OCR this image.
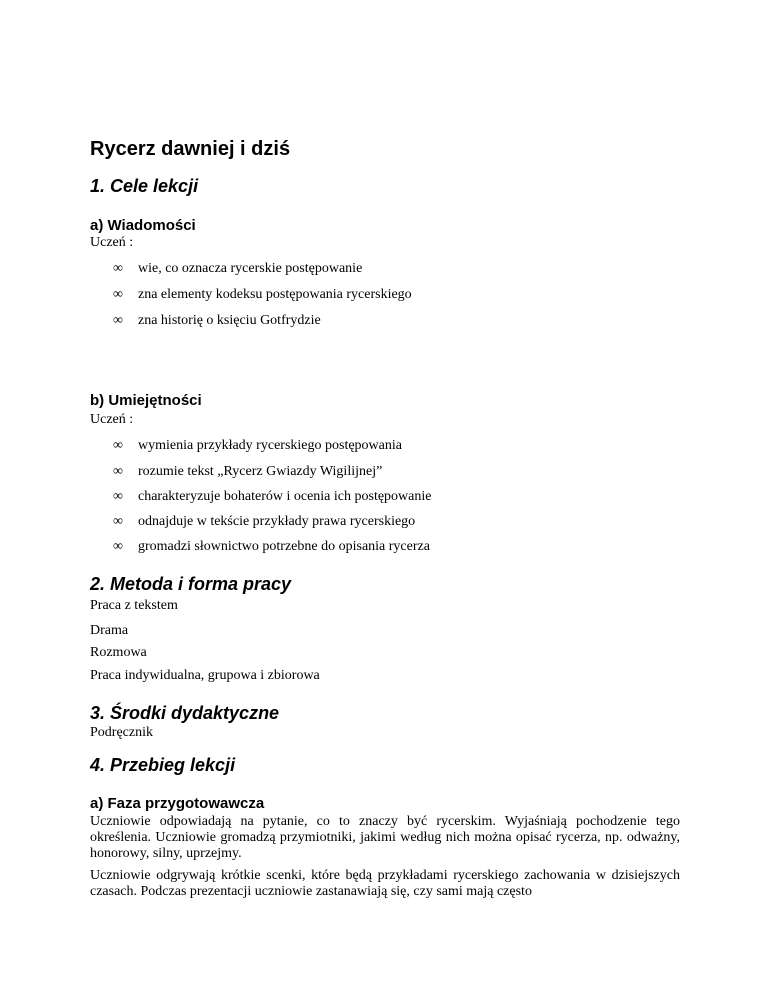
Rycerz dawniej i dziś
1. Cele lekcji
a) Wiadomości

Uczeń :

∞	wie, co oznacza rycerskie postępowanie
∞	zna elementy kodeksu postępowania rycerskiego
∞	zna historię o księciu Gotfrydzie
b) Umiejętności

Uczeń :

∞	wymienia przykłady rycerskiego postępowania
∞	rozumie tekst „Rycerz Gwiazdy Wigilijnej”
∞	charakteryzuje bohaterów i ocenia ich postępowanie
∞	odnajduje w tekście przykłady prawa rycerskiego
∞	gromadzi słownictwo potrzebne do opisania rycerza
2. Metoda i forma pracy

Praca z tekstem

Drama

Rozmowa

Praca indywidualna, grupowa i zbiorowa

3. Środki dydaktyczne

Podręcznik

4. Przebieg lekcji
a) Faza przygotowawcza

Uczniowie odpowiadają na pytanie, co to znaczy być rycerskim. Wyjaśniają pochodzenie tego określenia. Uczniowie gromadzą przymiotniki, jakimi według nich można opisać rycerza, np. odważny, honorowy, silny, uprzejmy.

Uczniowie odgrywają krótkie scenki, które będą przykładami rycerskiego zachowania w dzisiejszych czasach. Podczas prezentacji uczniowie zastanawiają się, czy sami mają często
